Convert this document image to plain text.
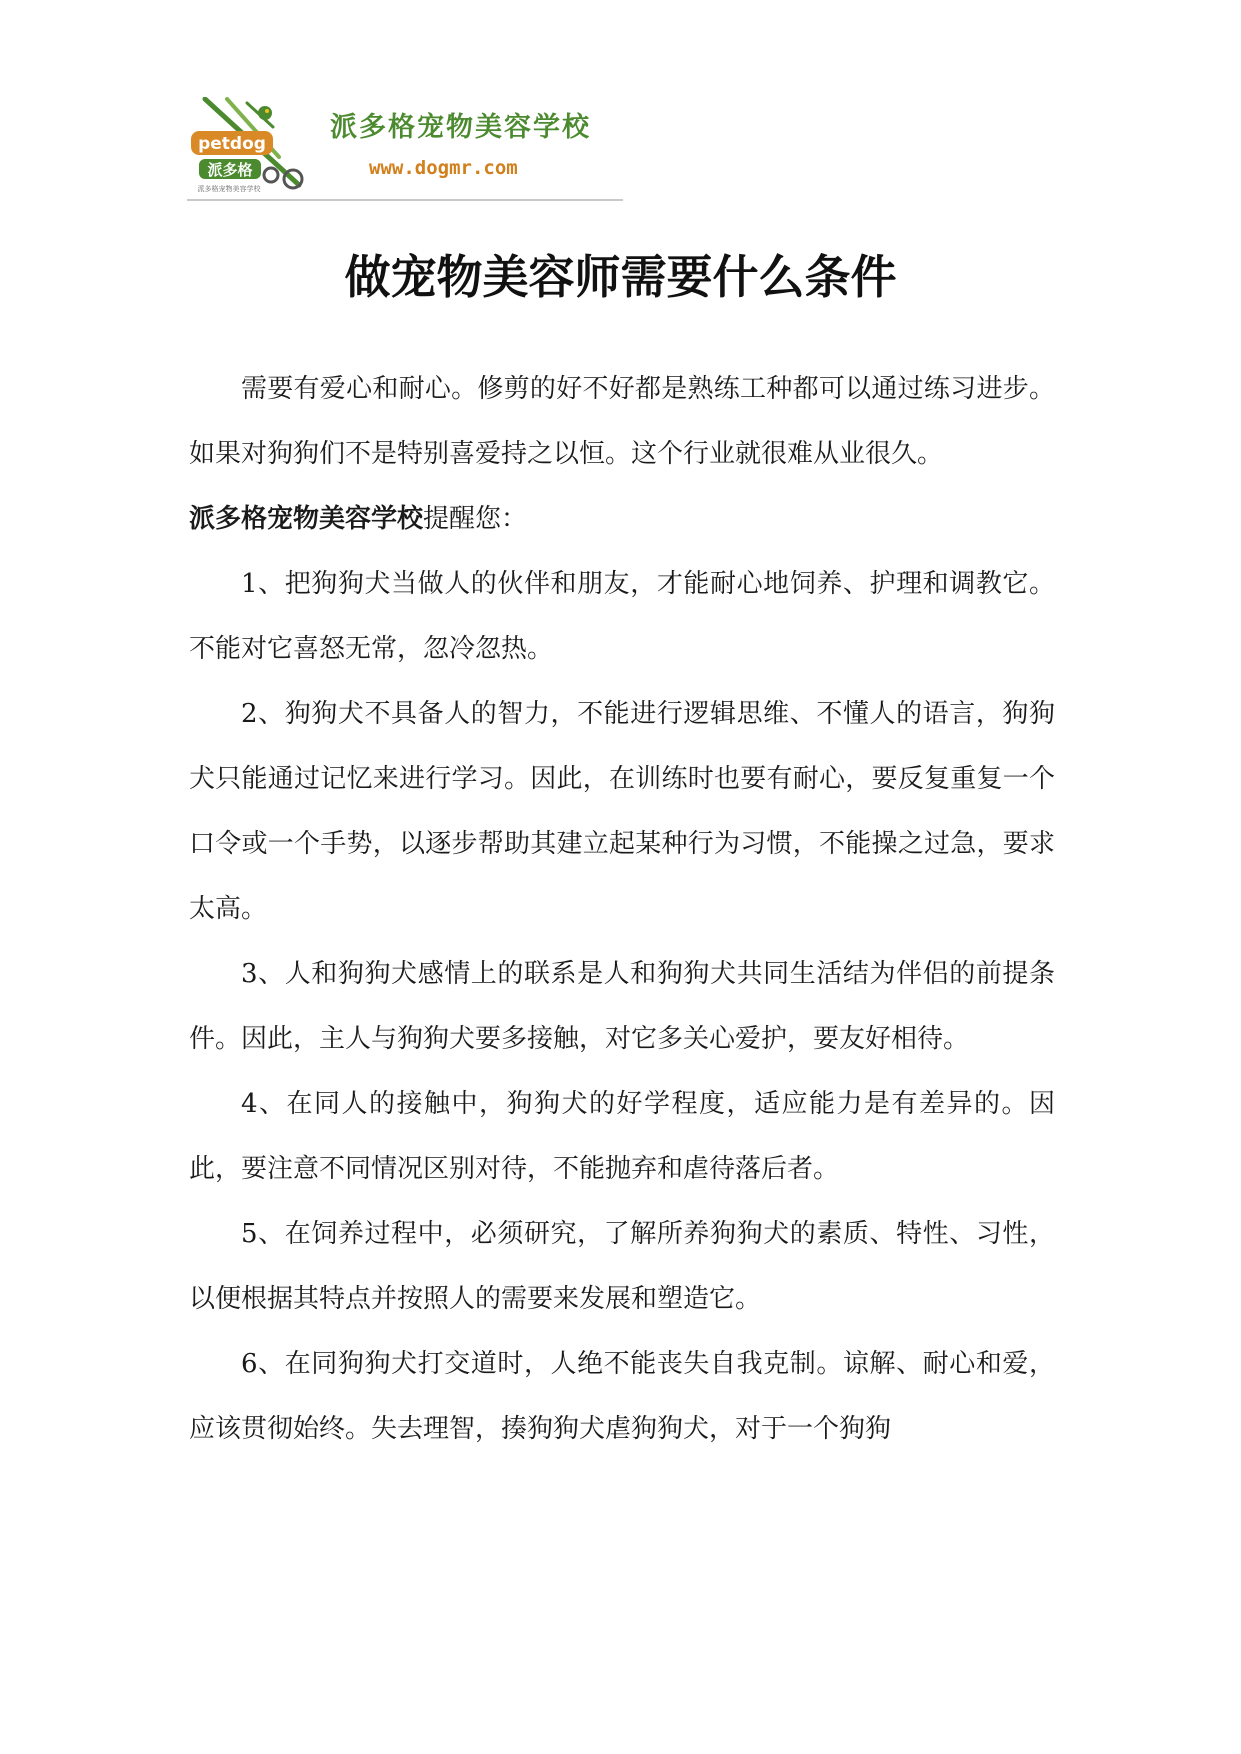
petdog
派多格
派多格宠物美容学校
派多格宠物美容学校
www.dogmr.com
做宠物美容师需要什么条件

需要有爱心和耐心。修剪的好不好都是熟练工种都可以通过练习进步。如果对狗狗们不是特别喜爱持之以恒。这个行业就很难从业很久。

派多格宠物美容学校提醒您：

1、把狗狗犬当做人的伙伴和朋友，才能耐心地饲养、护理和调教它。不能对它喜怒无常，忽冷忽热。

2、狗狗犬不具备人的智力，不能进行逻辑思维、不懂人的语言，狗狗犬只能通过记忆来进行学习。因此，在训练时也要有耐心，要反复重复一个口令或一个手势，以逐步帮助其建立起某种行为习惯，不能操之过急，要求太高。

3、人和狗狗犬感情上的联系是人和狗狗犬共同生活结为伴侣的前提条件。因此，主人与狗狗犬要多接触，对它多关心爱护，要友好相待。

4、在同人的接触中，狗狗犬的好学程度，适应能力是有差异的。因此，要注意不同情况区别对待，不能抛弃和虐待落后者。

5、在饲养过程中，必须研究，了解所养狗狗犬的素质、特性、习性，以便根据其特点并按照人的需要来发展和塑造它。

6、在同狗狗犬打交道时，人绝不能丧失自我克制。谅解、耐心和爱，应该贯彻始终。失去理智，揍狗狗犬虐狗狗犬，对于一个狗狗
